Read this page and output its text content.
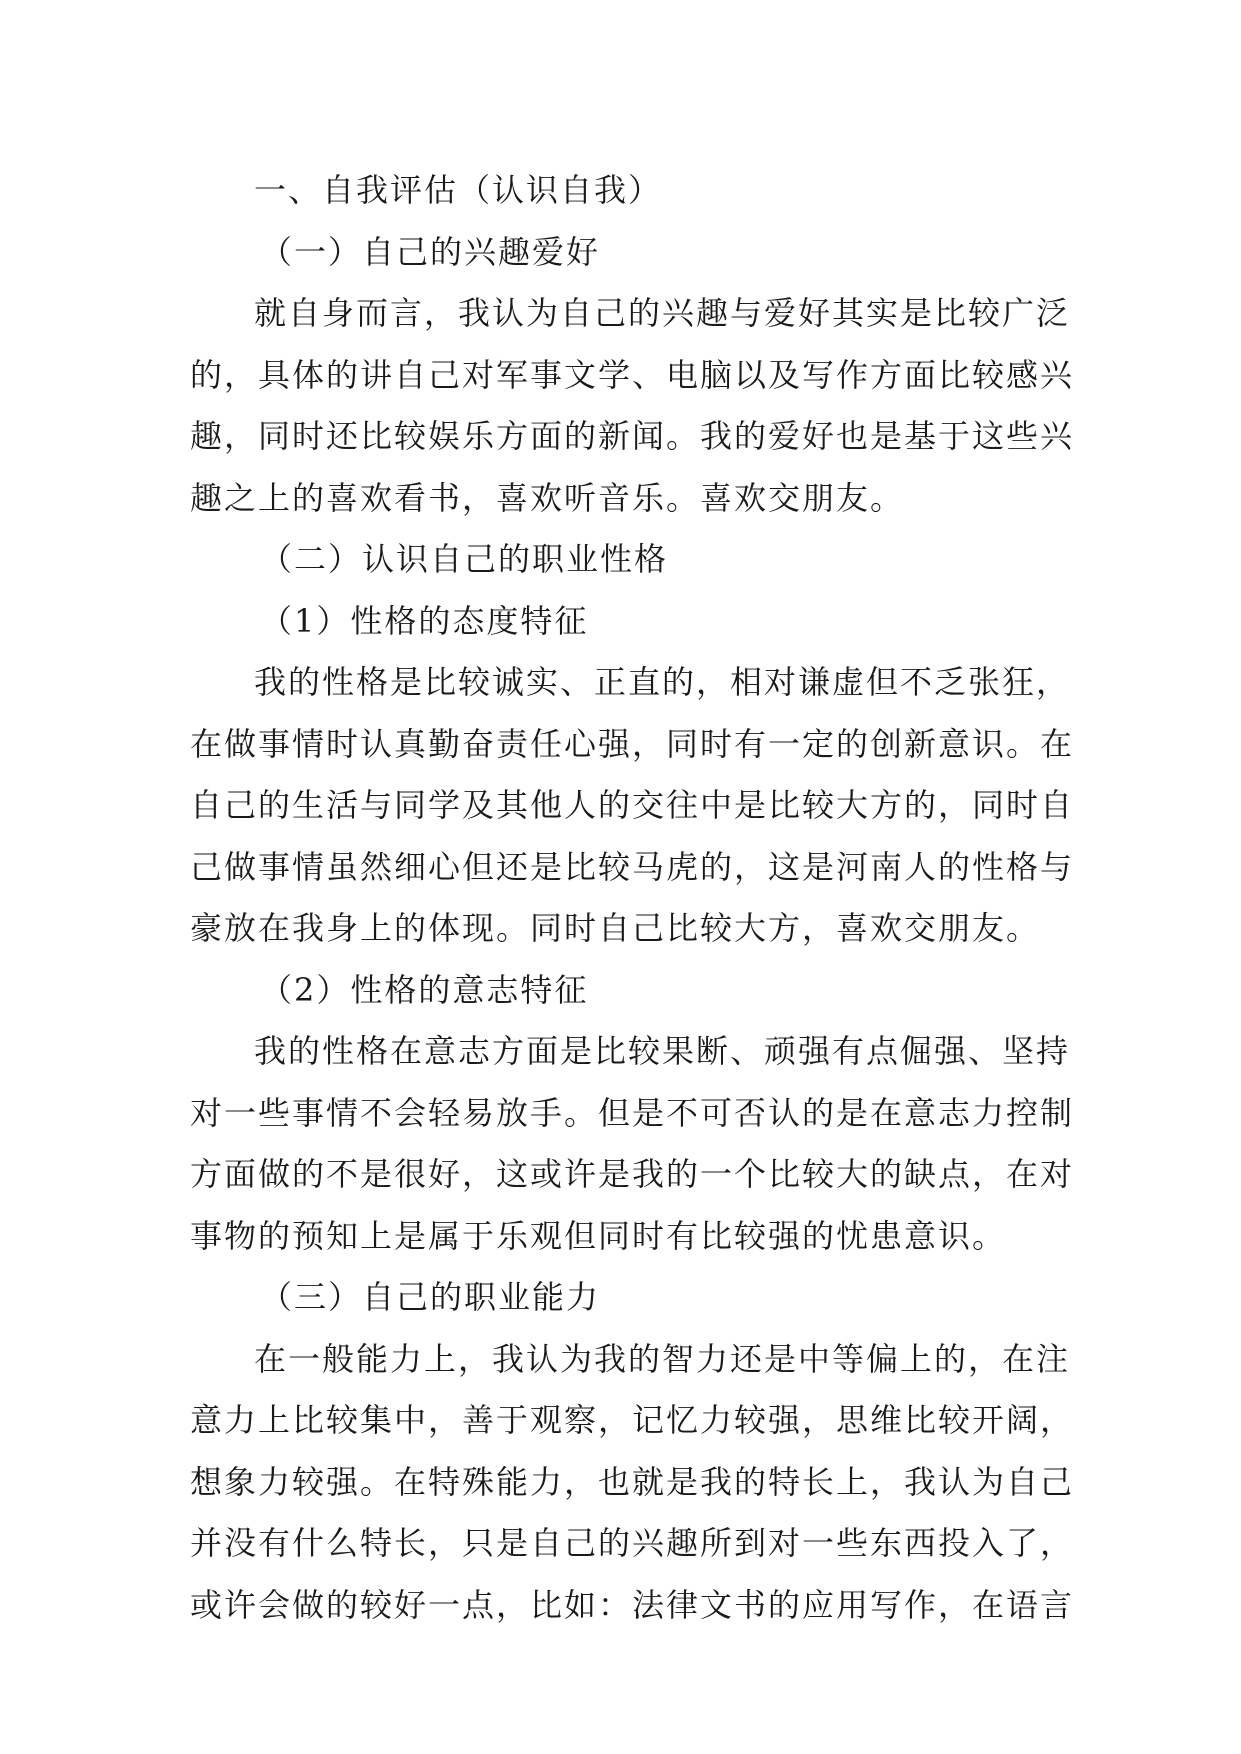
一、自我评估（认识自我）
（一）自己的兴趣爱好
就自身而言，我认为自己的兴趣与爱好其实是比较广泛
的，具体的讲自己对军事文学、电脑以及写作方面比较感兴
趣，同时还比较娱乐方面的新闻。我的爱好也是基于这些兴
趣之上的喜欢看书，喜欢听音乐。喜欢交朋友。
（二）认识自己的职业性格
（1）性格的态度特征
我的性格是比较诚实、正直的，相对谦虚但不乏张狂，
在做事情时认真勤奋责任心强，同时有一定的创新意识。在
自己的生活与同学及其他人的交往中是比较大方的，同时自
己做事情虽然细心但还是比较马虎的，这是河南人的性格与
豪放在我身上的体现。同时自己比较大方，喜欢交朋友。
（2）性格的意志特征
我的性格在意志方面是比较果断、顽强有点倔强、坚持
对一些事情不会轻易放手。但是不可否认的是在意志力控制
方面做的不是很好，这或许是我的一个比较大的缺点，在对
事物的预知上是属于乐观但同时有比较强的忧患意识。
（三）自己的职业能力
在一般能力上，我认为我的智力还是中等偏上的，在注
意力上比较集中，善于观察，记忆力较强，思维比较开阔，
想象力较强。在特殊能力，也就是我的特长上，我认为自己
并没有什么特长，只是自己的兴趣所到对一些东西投入了，
或许会做的较好一点，比如：法律文书的应用写作，在语言
